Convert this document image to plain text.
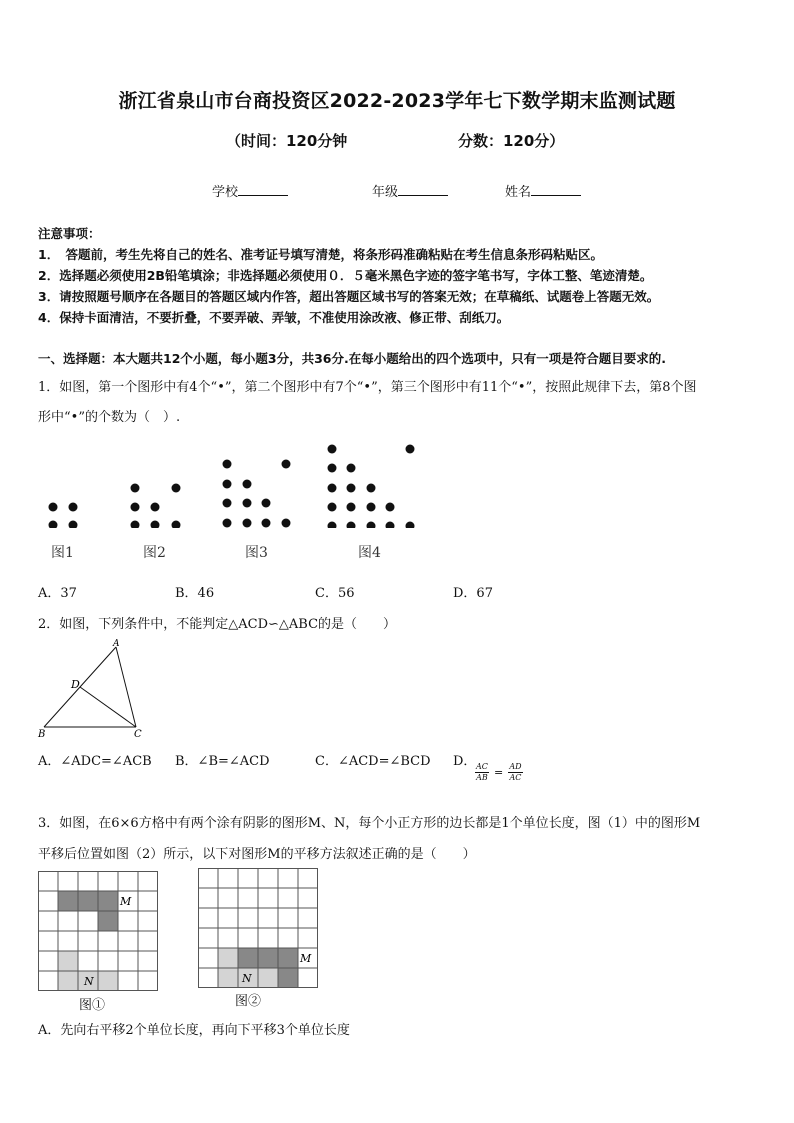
浙江省泉山市台商投资区2022-2023学年七下数学期末监测试题
（时间：120分钟	分数：120分）
学校	年级	姓名
注意事项：
1．　答题前，考生先将自己的姓名、准考证号填写清楚，将条形码准确粘贴在考生信息条形码粘贴区。
2．选择题必须使用2B铅笔填涂；非选择题必须使用０．５毫米黑色字迹的签字笔书写，字体工整、笔迹清楚。
3．请按照题号顺序在各题目的答题区域内作答，超出答题区域书写的答案无效；在草稿纸、试题卷上答题无效。
4．保持卡面清洁，不要折叠，不要弄破、弄皱，不准使用涂改液、修正带、刮纸刀。
一、选择题：本大题共12个小题，每小题3分，共36分.在每小题给出的四个选项中，只有一项是符合题目要求的.
1．如图，第一个图形中有4个“•”，第二个图形中有7个“•”，第三个图形中有11个“•”，按照此规律下去，第8个图
形中“•”的个数为（　）.
图1	图2	图3	图4
A．37	B．46	C．56	D．67
2．如图，下列条件中，不能判定△ACD∽△ABC的是（　　）
A
D
B	C
A．∠ADC=∠ACB B．∠B=∠ACD	C．∠ACD=∠BCD D．
$\frac{AC}{AB} = \frac{AD}{AC}$
3．如图，在6×6方格中有两个涂有阴影的图形M、N，每个小正方形的边长都是1个单位长度，图（1）中的图形M
平移后位置如图（2）所示，以下对图形M的平移方法叙述正确的是（　　）
M
N
图①
M
N
图②
A．先向右平移2个单位长度，再向下平移3个单位长度
